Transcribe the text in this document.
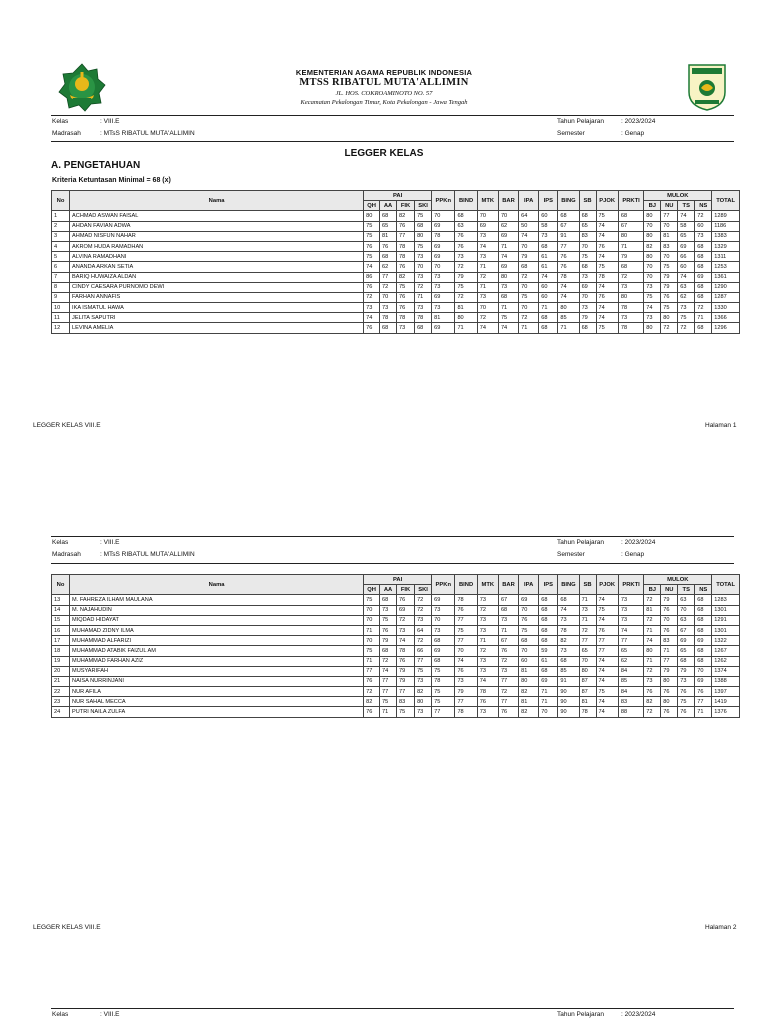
KEMENTERIAN AGAMA REPUBLIK INDONESIA
MTSS RIBATUL MUTA'ALLIMIN
JL. HOS. COKROAMINOTO NO. 57
Kecamatan Pekalongan Timur, Kota Pekalongan - Jawa Tengah
Kelas	: VIII.E
Madrasah	: MTsS RIBATUL MUTA'ALLIMIN
Tahun Pelajaran	: 2023/2024
Semester	: Genap
LEGGER KELAS
A. PENGETAHUAN
Kriteria Ketuntasan Minimal = 68 (x)
No	Nama	PAI				PPKn	BIND	MTK	BAR	IPA	IPS	BING	SB	PJOK	PRKTI	MULOK				TOTAL
		QH	AA	FIK	SKI											BJ	NU	TS	NS	
1	ACHMAD ASWAN FAISAL	80	68	82	75	70	68	70	70	64	60	68	68	75	68	80	77	74	72	1289
2	AHDAN FAVIAN ADWA	75	65	76	68	69	63	69	62	50	58	67	65	74	67	70	70	58	60	1186
3	AHMAD NISFUN NAHAR	75	81	77	80	78	76	73	69	74	73	91	83	74	80	80	81	65	73	1383
4	AKROM HUDA RAMADHAN	76	76	78	75	69	76	74	71	70	68	77	70	76	71	82	83	69	68	1329
5	ALVINA RAMADHANI	75	68	78	73	69	73	73	74	79	61	76	75	74	79	80	70	66	68	1311
6	ANANDA ARKAN SETIA	74	62	76	70	70	72	71	69	68	61	76	68	75	68	70	75	60	68	1253
7	BARIQ HUWAIZA ALDAN	86	77	82	73	73	79	72	80	72	74	78	73	78	72	70	79	74	69	1361
8	CINDY CAESARA PURNOMO DEWI	76	72	75	72	73	75	71	73	70	60	74	69	74	73	73	79	63	68	1290
9	FARHAN ANNAFIS	72	70	76	71	69	72	73	68	75	60	74	70	76	80	75	76	62	68	1287
10	IKA ISMATUL HAWA	73	73	76	73	73	81	70	71	70	71	80	73	74	78	74	75	73	72	1330
11	JELITA SAPUTRI	74	78	78	78	81	80	72	75	72	68	85	79	74	73	73	80	75	71	1366
12	LEVINA AMELIA	76	68	73	68	69	71	74	74	71	68	71	68	75	78	80	72	72	68	1296
LEGGER KELAS VIII.E	Halaman 1
Kelas	: VIII.E
Madrasah	: MTsS RIBATUL MUTA'ALLIMIN
Tahun Pelajaran	: 2023/2024
Semester	: Genap
No	Nama	PAI				PPKn	BIND	MTK	BAR	IPA	IPS	BING	SB	PJOK	PRKTI	MULOK				TOTAL
		QH	AA	FIK	SKI											BJ	NU	TS	NS	
13	M. FAHREZA ILHAM MAULANA	75	68	76	72	69	78	73	67	69	68	68	71	74	73	72	79	63	68	1283
14	M. NAJAHUDIN	70	73	69	72	73	76	72	68	70	68	74	73	75	73	81	76	70	68	1301
15	MIQDAD HIDAYAT	70	75	72	73	70	77	73	73	76	68	73	71	74	73	72	70	63	68	1291
16	MUHAMAD ZIDNY ILMA	71	76	73	64	73	75	73	71	75	68	78	72	76	74	71	76	67	68	1301
17	MUHAMMAD ALFARIZI	70	79	74	72	68	77	71	67	68	68	82	77	77	77	74	83	69	69	1322
18	MUHAMMAD ATABIK FAIZUL AM	75	68	78	66	69	70	72	76	70	59	73	65	77	65	80	71	65	68	1267
19	MUHAMMAD FARHAN AZIZ	71	72	76	77	68	74	73	72	60	61	68	70	74	62	71	77	68	68	1262
20	MUSYARIFAH	77	74	79	75	75	76	73	73	81	68	85	80	74	84	72	79	79	70	1374
21	NAISA NURRINJANI	76	77	79	73	78	73	74	77	80	69	91	87	74	85	73	80	73	69	1388
22	NUR AFILA	72	77	77	82	75	79	78	72	82	71	90	87	75	84	76	76	76	76	1397
23	NUR SAHAL MECCA	82	75	83	80	75	77	76	77	81	71	90	81	74	83	82	80	75	77	1419
24	PUTRI NAILA ZULFA	76	71	75	73	77	78	73	76	82	70	90	78	74	88	72	76	76	71	1376
LEGGER KELAS VIII.E	Halaman 2
Kelas	: VIII.E	Tahun Pelajaran	: 2023/2024
